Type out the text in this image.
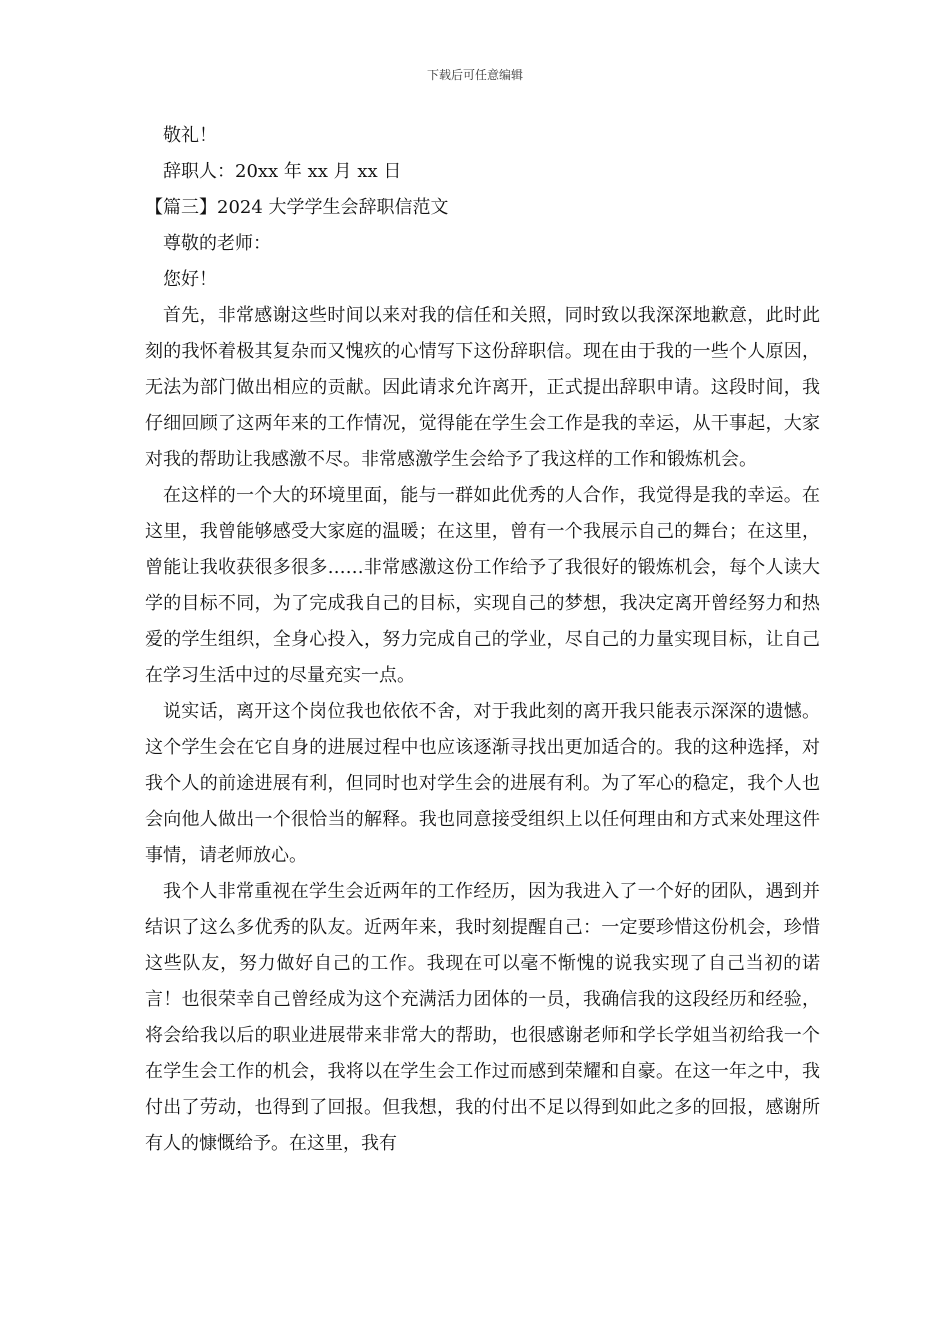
下载后可任意编辑

敬礼！

辞职人：20xx 年 xx 月 xx 日

【篇三】2024 大学学生会辞职信范文

尊敬的老师：

您好！

首先，非常感谢这些时间以来对我的信任和关照，同时致以我深深地歉意，此时此刻的我怀着极其复杂而又愧疚的心情写下这份辞职信。现在由于我的一些个人原因，无法为部门做出相应的贡献。因此请求允许离开，正式提出辞职申请。这段时间，我仔细回顾了这两年来的工作情况，觉得能在学生会工作是我的幸运，从干事起，大家对我的帮助让我感激不尽。非常感激学生会给予了我这样的工作和锻炼机会。

在这样的一个大的环境里面，能与一群如此优秀的人合作，我觉得是我的幸运。在这里，我曾能够感受大家庭的温暖；在这里，曾有一个我展示自己的舞台；在这里，曾能让我收获很多很多……非常感激这份工作给予了我很好的锻炼机会，每个人读大学的目标不同，为了完成我自己的目标，实现自己的梦想，我决定离开曾经努力和热爱的学生组织，全身心投入，努力完成自己的学业，尽自己的力量实现目标，让自己在学习生活中过的尽量充实一点。

说实话，离开这个岗位我也依依不舍，对于我此刻的离开我只能表示深深的遗憾。这个学生会在它自身的进展过程中也应该逐渐寻找出更加适合的。我的这种选择，对我个人的前途进展有利，但同时也对学生会的进展有利。为了军心的稳定，我个人也会向他人做出一个很恰当的解释。我也同意接受组织上以任何理由和方式来处理这件事情，请老师放心。

我个人非常重视在学生会近两年的工作经历，因为我进入了一个好的团队，遇到并结识了这么多优秀的队友。近两年来，我时刻提醒自己：一定要珍惜这份机会，珍惜这些队友，努力做好自己的工作。我现在可以毫不惭愧的说我实现了自己当初的诺言！也很荣幸自己曾经成为这个充满活力团体的一员，我确信我的这段经历和经验，将会给我以后的职业进展带来非常大的帮助，也很感谢老师和学长学姐当初给我一个在学生会工作的机会，我将以在学生会工作过而感到荣耀和自豪。在这一年之中，我付出了劳动，也得到了回报。但我想，我的付出不足以得到如此之多的回报，感谢所有人的慷慨给予。在这里，我有
